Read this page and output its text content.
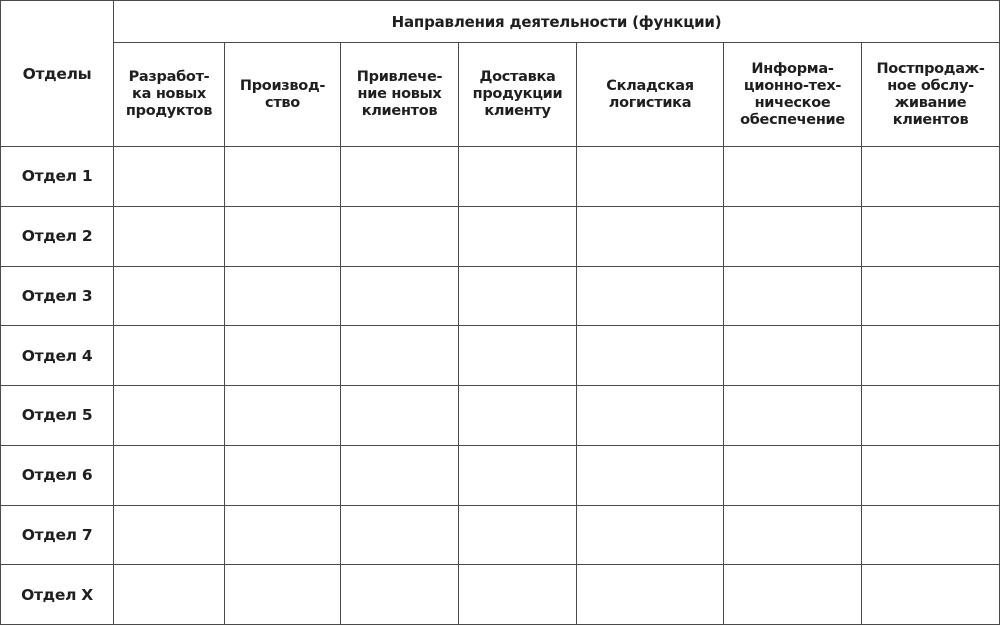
Отделы	Направления деятельности (функции)						

	Разработ-
ка новых
продуктов	Производ-
ство	Привлече-
ние новых
клиентов	Доставка
продукции
клиенту	Складская
логистика	Информа-
ционно-тех-
ническое
обеспечение	Постпродаж-
ное обслу-
живание
клиентов

Отдел 1							
Отдел 2							
Отдел 3							
Отдел 4							
Отдел 5							
Отдел 6							
Отдел 7							
Отдел X							
